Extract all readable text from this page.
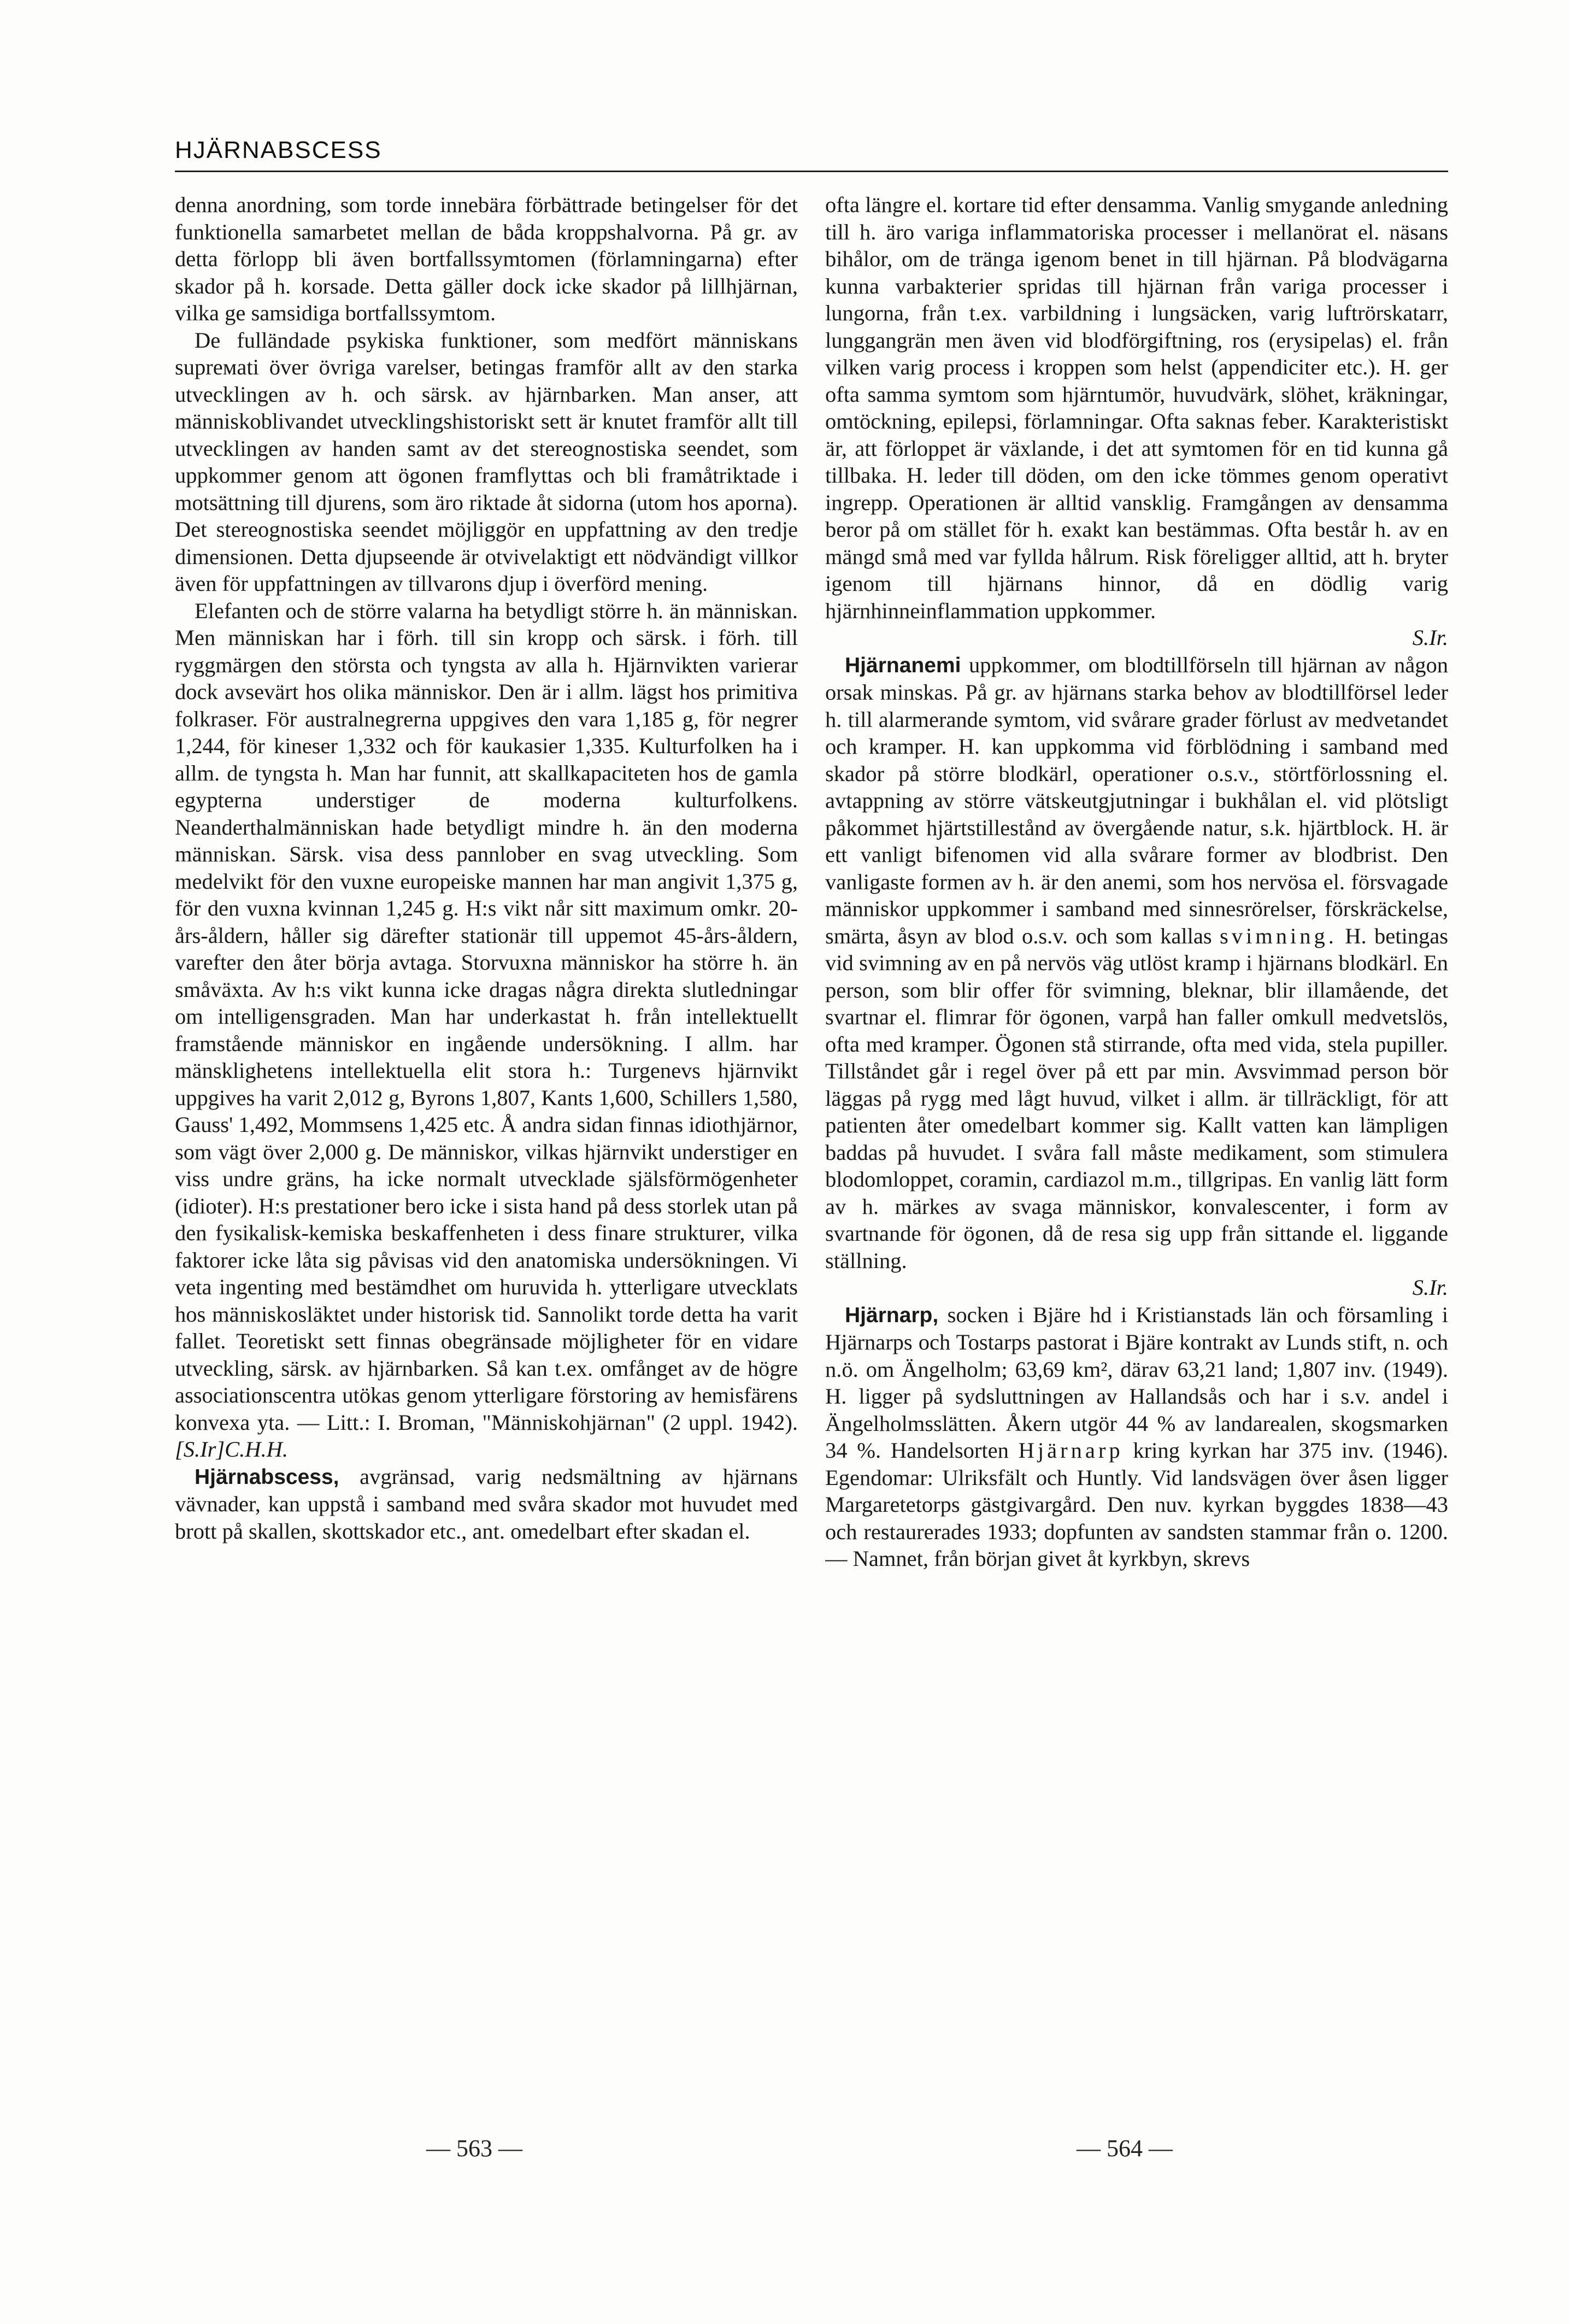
HJÄRNABSCESS

denna anordning, som torde innebära förbättrade betingelser för det funktionella samarbetet mellan de båda kroppshalvorna. På gr. av detta förlopp bli även bortfallssymtomen (förlamningarna) efter skador på h. korsade. Detta gäller dock icke skador på lillhjärnan, vilka ge samsidiga bortfallssymtom.

De fulländade psykiska funktioner, som medfört människans suprемati över övriga varelser, betingas framför allt av den starka utvecklingen av h. och särsk. av hjärnbarken. Man anser, att människoblivandet utvecklingshistoriskt sett är knutet framför allt till utvecklingen av handen samt av det stereognostiska seendet, som uppkommer genom att ögonen framflyttas och bli framåtriktade i motsättning till djurens, som äro riktade åt sidorna (utom hos aporna). Det stereognostiska seendet möjliggör en uppfattning av den tredje dimensionen. Detta djupseende är otvivelaktigt ett nödvändigt villkor även för uppfattningen av tillvarons djup i överförd mening.

Elefanten och de större valarna ha betydligt större h. än människan. Men människan har i förh. till sin kropp och särsk. i förh. till ryggmärgen den största och tyngsta av alla h. Hjärnvikten varierar dock avsevärt hos olika människor. Den är i allm. lägst hos primitiva folkraser. För australnegrerna uppgives den vara 1,185 g, för negrer 1,244, för kineser 1,332 och för kaukasier 1,335. Kulturfolken ha i allm. de tyngsta h. Man har funnit, att skallkapaciteten hos de gamla egypterna understiger de moderna kulturfolkens. Neanderthalmänniskan hade betydligt mindre h. än den moderna människan. Särsk. visa dess pannlober en svag utveckling. Som medelvikt för den vuxne europeiske mannen har man angivit 1,375 g, för den vuxna kvinnan 1,245 g. H:s vikt når sitt maximum omkr. 20-års-åldern, håller sig därefter stationär till uppemot 45-års-åldern, varefter den åter börja avtaga. Storvuxna människor ha större h. än småväxta. Av h:s vikt kunna icke dragas några direkta slutledningar om intelligensgraden. Man har underkastat h. från intellektuellt framstående människor en ingående undersökning. I allm. har mänsklighetens intellektuella elit stora h.: Turgenevs hjärnvikt uppgives ha varit 2,012 g, Byrons 1,807, Kants 1,600, Schillers 1,580, Gauss' 1,492, Mommsens 1,425 etc. Å andra sidan finnas idiothjärnor, som vägt över 2,000 g. De människor, vilkas hjärnvikt understiger en viss undre gräns, ha icke normalt utvecklade själsförmögenheter (idioter). H:s prestationer bero icke i sista hand på dess storlek utan på den fysikalisk-kemiska beskaffenheten i dess finare strukturer, vilka faktorer icke låta sig påvisas vid den anatomiska undersökningen. Vi veta ingenting med bestämdhet om huruvida h. ytterligare utvecklats hos människosläktet under historisk tid. Sannolikt torde detta ha varit fallet. Teoretiskt sett finnas obegränsade möjligheter för en vidare utveckling, särsk. av hjärnbarken. Så kan t.ex. omfånget av de högre associationscentra utökas genom ytterligare förstoring av hemisfärens konvexa yta. — Litt.: I. Broman, "Människohjärnan" (2 uppl. 1942). [S.Ir]C.H.H.

Hjärnabscess, avgränsad, varig nedsmältning av hjärnans vävnader, kan uppstå i samband med svåra skador mot huvudet med brott på skallen, skottskador etc., ant. omedelbart efter skadan el.

ofta längre el. kortare tid efter densamma. Vanlig smygande anledning till h. äro variga inflammatoriska processer i mellanörat el. näsans bihålor, om de tränga igenom benet in till hjärnan. På blodvägarna kunna varbakterier spridas till hjärnan från variga processer i lungorna, från t.ex. varbildning i lungsäcken, varig luftrörskatarr, lunggangrän men även vid blodförgiftning, ros (erysipelas) el. från vilken varig process i kroppen som helst (appendiciter etc.). H. ger ofta samma symtom som hjärntumör, huvudvärk, slöhet, kräkningar, omtöckning, epilepsi, förlamningar. Ofta saknas feber. Karakteristiskt är, att förloppet är växlande, i det att symtomen för en tid kunna gå tillbaka. H. leder till döden, om den icke tömmes genom operativt ingrepp. Operationen är alltid vansklig. Framgången av densamma beror på om stället för h. exakt kan bestämmas. Ofta består h. av en mängd små med var fyllda hålrum. Risk föreligger alltid, att h. bryter igenom till hjärnans hinnor, då en dödlig varig hjärnhinneinflammation uppkommer.
S.Ir.

Hjärnanemi uppkommer, om blodtillförseln till hjärnan av någon orsak minskas. På gr. av hjärnans starka behov av blodtillförsel leder h. till alarmerande symtom, vid svårare grader förlust av medvetandet och kramper. H. kan uppkomma vid förblödning i samband med skador på större blodkärl, operationer o.s.v., störtförlossning el. avtappning av större vätskeutgjutningar i bukhålan el. vid plötsligt påkommet hjärtstillestånd av övergående natur, s.k. hjärtblock. H. är ett vanligt bifenomen vid alla svårare former av blodbrist. Den vanligaste formen av h. är den anemi, som hos nervösa el. försvagade människor uppkommer i samband med sinnesrörelser, förskräckelse, smärta, åsyn av blod o.s.v. och som kallas svimning. H. betingas vid svimning av en på nervös väg utlöst kramp i hjärnans blodkärl. En person, som blir offer för svimning, bleknar, blir illamående, det svartnar el. flimrar för ögonen, varpå han faller omkull medvetslös, ofta med kramper. Ögonen stå stirrande, ofta med vida, stela pupiller. Tillståndet går i regel över på ett par min. Avsvimmad person bör läggas på rygg med lågt huvud, vilket i allm. är tillräckligt, för att patienten åter omedelbart kommer sig. Kallt vatten kan lämpligen baddas på huvudet. I svåra fall måste medikament, som stimulera blodomloppet, coramin, cardiazol m.m., tillgripas. En vanlig lätt form av h. märkes av svaga människor, konvalescenter, i form av svartnande för ögonen, då de resa sig upp från sittande el. liggande ställning.
S.Ir.

Hjärnarp, socken i Bjäre hd i Kristianstads län och församling i Hjärnarps och Tostarps pastorat i Bjäre kontrakt av Lunds stift, n. och n.ö. om Ängelholm; 63,69 km², därav 63,21 land; 1,807 inv. (1949). H. ligger på sydsluttningen av Hallandsås och har i s.v. andel i Ängelholmsslätten. Åkern utgör 44 % av landarealen, skogsmarken 34 %. Handelsorten Hjärnarp kring kyrkan har 375 inv. (1946). Egendomar: Ulriksfält och Huntly. Vid landsvägen över åsen ligger Margaretetorps gästgivargård. Den nuv. kyrkan byggdes 1838—43 och restaurerades 1933; dopfunten av sandsten stammar från o. 1200. — Namnet, från början givet åt kyrkbyn, skrevs

— 563 —	— 564 —
